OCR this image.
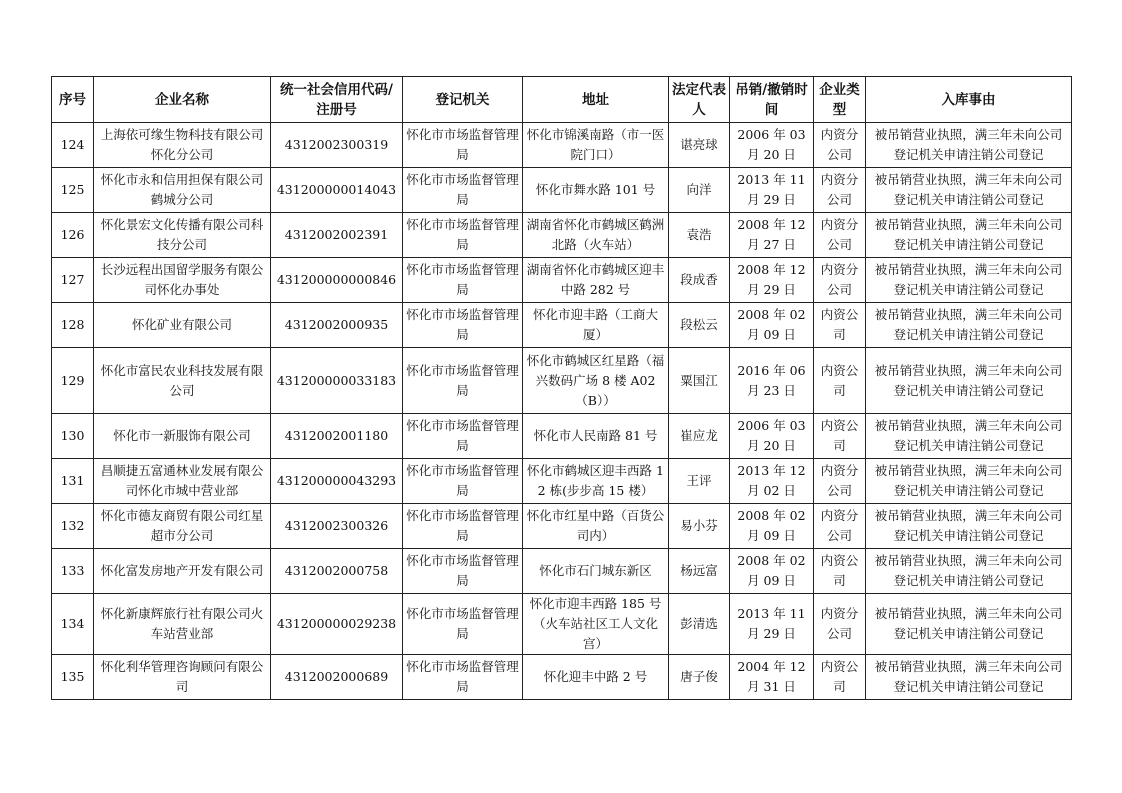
序号	企业名称	统一社会信用代码/注册号	登记机关	地址	法定代表人	吊销/撤销时间	企业类型	入库事由
124	上海依可缘生物科技有限公司怀化分公司	4312002300319	怀化市市场监督管理局	怀化市锦溪南路（市一医院门口）	谌亮球	2006 年 03 月 20 日	内资分公司	被吊销营业执照，满三年未向公司登记机关申请注销公司登记
125	怀化市永和信用担保有限公司鹤城分公司	431200000014043	怀化市市场监督管理局	怀化市舞水路 101 号	向洋	2013 年 11 月 29 日	内资分公司	被吊销营业执照，满三年未向公司登记机关申请注销公司登记
126	怀化景宏文化传播有限公司科技分公司	4312002002391	怀化市市场监督管理局	湖南省怀化市鹤城区鹤洲北路（火车站）	袁浩	2008 年 12 月 27 日	内资分公司	被吊销营业执照，满三年未向公司登记机关申请注销公司登记
127	长沙远程出国留学服务有限公司怀化办事处	431200000000846	怀化市市场监督管理局	湖南省怀化市鹤城区迎丰中路 282 号	段成香	2008 年 12 月 29 日	内资分公司	被吊销营业执照，满三年未向公司登记机关申请注销公司登记
128	怀化矿业有限公司	4312002000935	怀化市市场监督管理局	怀化市迎丰路（工商大厦）	段松云	2008 年 02 月 09 日	内资公司	被吊销营业执照，满三年未向公司登记机关申请注销公司登记
129	怀化市富民农业科技发展有限公司	431200000033183	怀化市市场监督管理局	怀化市鹤城区红星路（福兴数码广场 8 楼 A02（B））	粟国江	2016 年 06 月 23 日	内资公司	被吊销营业执照，满三年未向公司登记机关申请注销公司登记
130	怀化市一新服饰有限公司	4312002001180	怀化市市场监督管理局	怀化市人民南路 81 号	崔应龙	2006 年 03 月 20 日	内资公司	被吊销营业执照，满三年未向公司登记机关申请注销公司登记
131	昌顺捷五富通林业发展有限公司怀化市城中营业部	431200000043293	怀化市市场监督管理局	怀化市鹤城区迎丰西路 12 栋(步步高 15 楼）	王评	2013 年 12 月 02 日	内资分公司	被吊销营业执照，满三年未向公司登记机关申请注销公司登记
132	怀化市德友商贸有限公司红星超市分公司	4312002300326	怀化市市场监督管理局	怀化市红星中路（百货公司内）	易小芬	2008 年 02 月 09 日	内资分公司	被吊销营业执照，满三年未向公司登记机关申请注销公司登记
133	怀化富发房地产开发有限公司	4312002000758	怀化市市场监督管理局	怀化市石门城东新区	杨远富	2008 年 02 月 09 日	内资公司	被吊销营业执照，满三年未向公司登记机关申请注销公司登记
134	怀化新康辉旅行社有限公司火车站营业部	431200000029238	怀化市市场监督管理局	怀化市迎丰西路 185 号（火车站社区工人文化宫）	彭清选	2013 年 11 月 29 日	内资分公司	被吊销营业执照，满三年未向公司登记机关申请注销公司登记
135	怀化利华管理咨询顾问有限公司	4312002000689	怀化市市场监督管理局	怀化迎丰中路 2 号	唐子俊	2004 年 12 月 31 日	内资公司	被吊销营业执照，满三年未向公司登记机关申请注销公司登记
